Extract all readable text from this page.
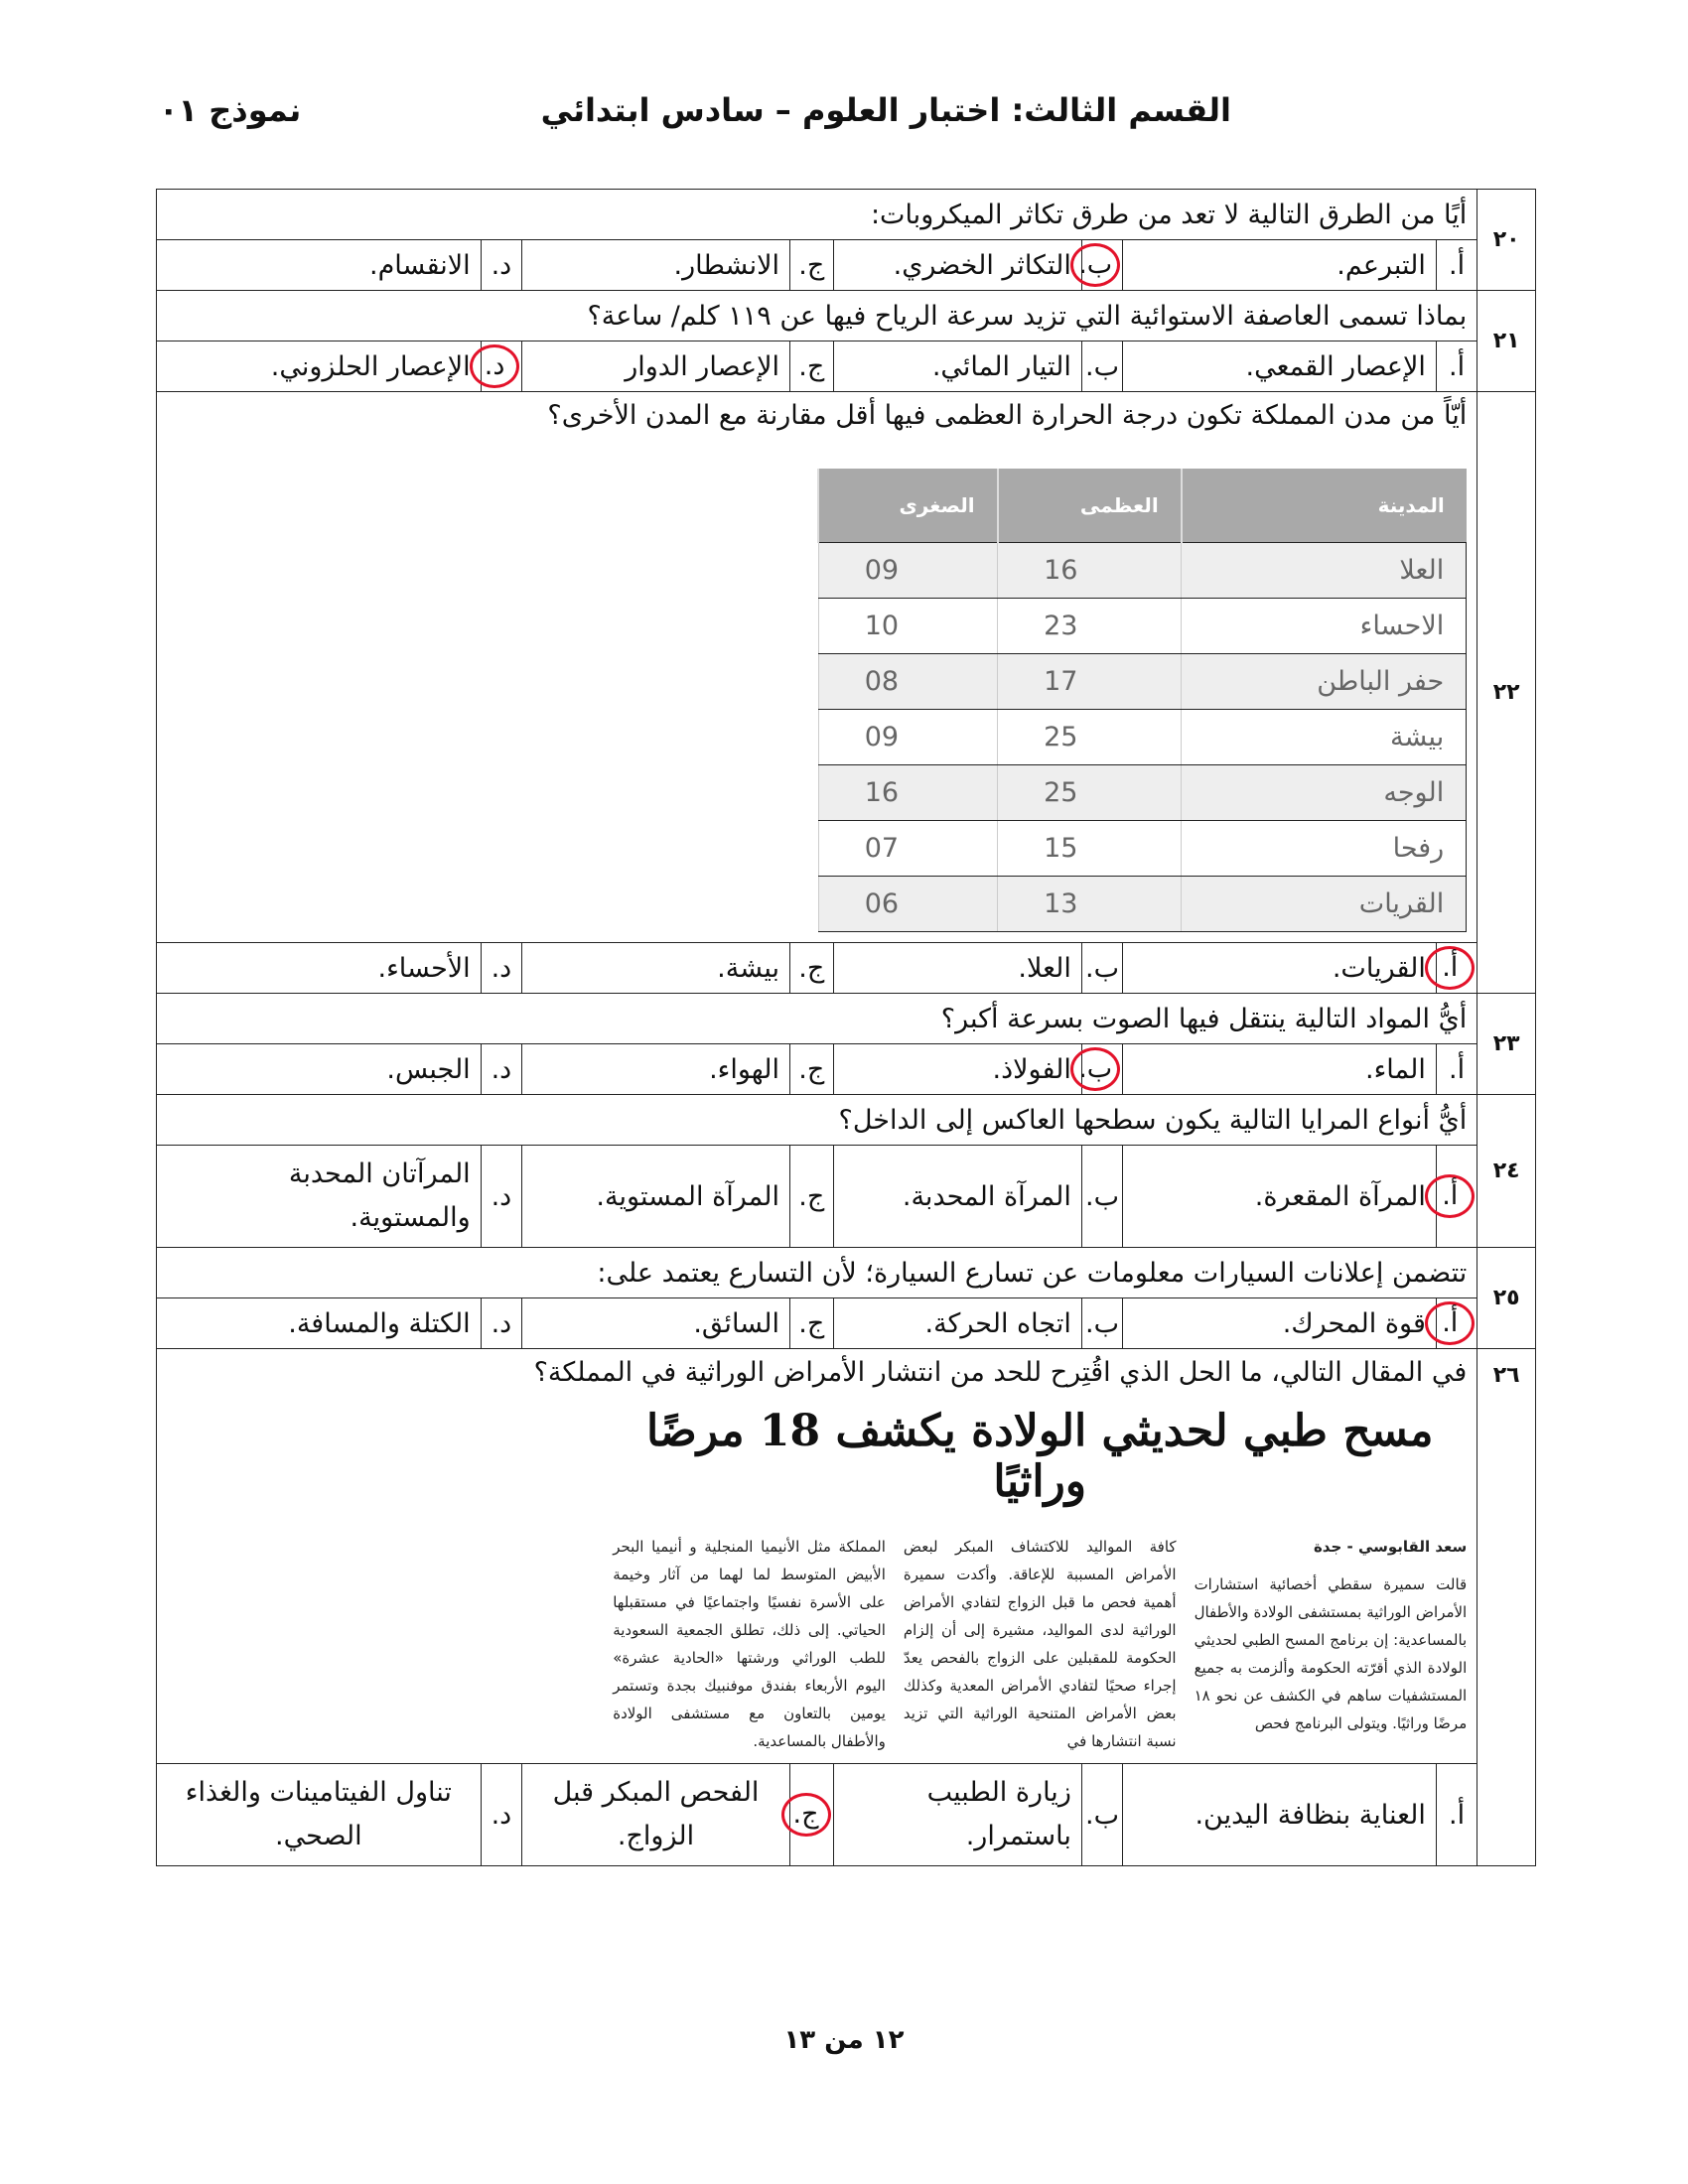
القسم الثالث: اختبار العلوم – سادس ابتدائي
نموذج ٠١
٢٠	أيًا من الطرق التالية لا تعد من طرق تكاثر الميكروبات:
أ.	التبرعم.	ب.	التكاثر الخضري.	ج.	الانشطار.	د.	الانقسام.
٢١	بماذا تسمى العاصفة الاستوائية التي تزيد سرعة الرياح فيها عن ١١٩ كلم/ ساعة؟
أ.	الإعصار القمعي.	ب.	التيار المائي.	ج.	الإعصار الدوار	د.	الإعصار الحلزوني.
٢٢	
أيّاً من مدن المملكة تكون درجة الحرارة العظمى فيها أقل مقارنة مع المدن الأخرى؟
المدينة	العظمى	الصغرى
العلا	16	09
الاحساء	23	10
حفر الباطن	17	08
بيشة	25	09
الوجه	25	16
رفحا	15	07
القريات	13	06

أ.	القريات.	ب.	العلا.	ج.	بيشة.	د.	الأحساء.
٢٣	أيُّ المواد التالية ينتقل فيها الصوت بسرعة أكبر؟
أ.	الماء.	ب.	الفولاذ.	ج.	الهواء.	د.	الجبس.
٢٤	أيُّ أنواع المرايا التالية يكون سطحها العاكس إلى الداخل؟
أ.	المرآة المقعرة.	ب.	المرآة المحدبة.	ج.	المرآة المستوية.	د.	المرآتان المحدبة والمستوية.
٢٥	تتضمن إعلانات السيارات معلومات عن تسارع السيارة؛ لأن التسارع يعتمد على:
أ.	قوة المحرك.	ب.	اتجاه الحركة.	ج.	السائق.	د.	الكتلة والمسافة.
٢٦	
في المقال التالي، ما الحل الذي اقُتِرح للحد من انتشار الأمراض الوراثية في المملكة؟
مسح طبي لحديثي الولادة يكشف 18 مرضًا وراثيًا
سعد القابوسي - جدة
قالت سميرة سقطي أخصائية استشارات الأمراض الوراثية بمستشفى الولادة والأطفال بالمساعدية: إن برنامج المسح الطبي لحديثي الولادة الذي أقرّته الحكومة وألزمت به جميع المستشفيات ساهم في الكشف عن نحو ١٨ مرضًا وراثيًا. ويتولى البرنامج فحص
كافة المواليد للاكتشاف المبكر لبعض الأمراض المسببة للإعاقة. وأكدت سميرة أهمية فحص ما قبل الزواج لتفادي الأمراض الوراثية لدى المواليد، مشيرة إلى أن إلزام الحكومة للمقبلين على الزواج بالفحص يعدّ إجراء صحيًا لتفادي الأمراض المعدية وكذلك بعض الأمراض المتنحية الوراثية التي تزيد نسبة انتشارها في
المملكة مثل الأنيميا المنجلية و أنيميا البحر الأبيض المتوسط لما لهما من آثار وخيمة على الأسرة نفسيًا واجتماعيًا في مستقبلها الحياتي. إلى ذلك، تطلق الجمعية السعودية للطب الوراثي ورشتها «الحادية عشرة» اليوم الأربعاء بفندق موفنبيك بجدة وتستمر يومين بالتعاون مع مستشفى الولادة والأطفال بالمساعدية.

أ.	العناية بنظافة اليدين.	ب.	زيارة الطبيب باستمرار.	ج.	الفحص المبكر قبل الزواج.	د.	تناول الفيتامينات والغذاء الصحي.
١٢ من ١٣
